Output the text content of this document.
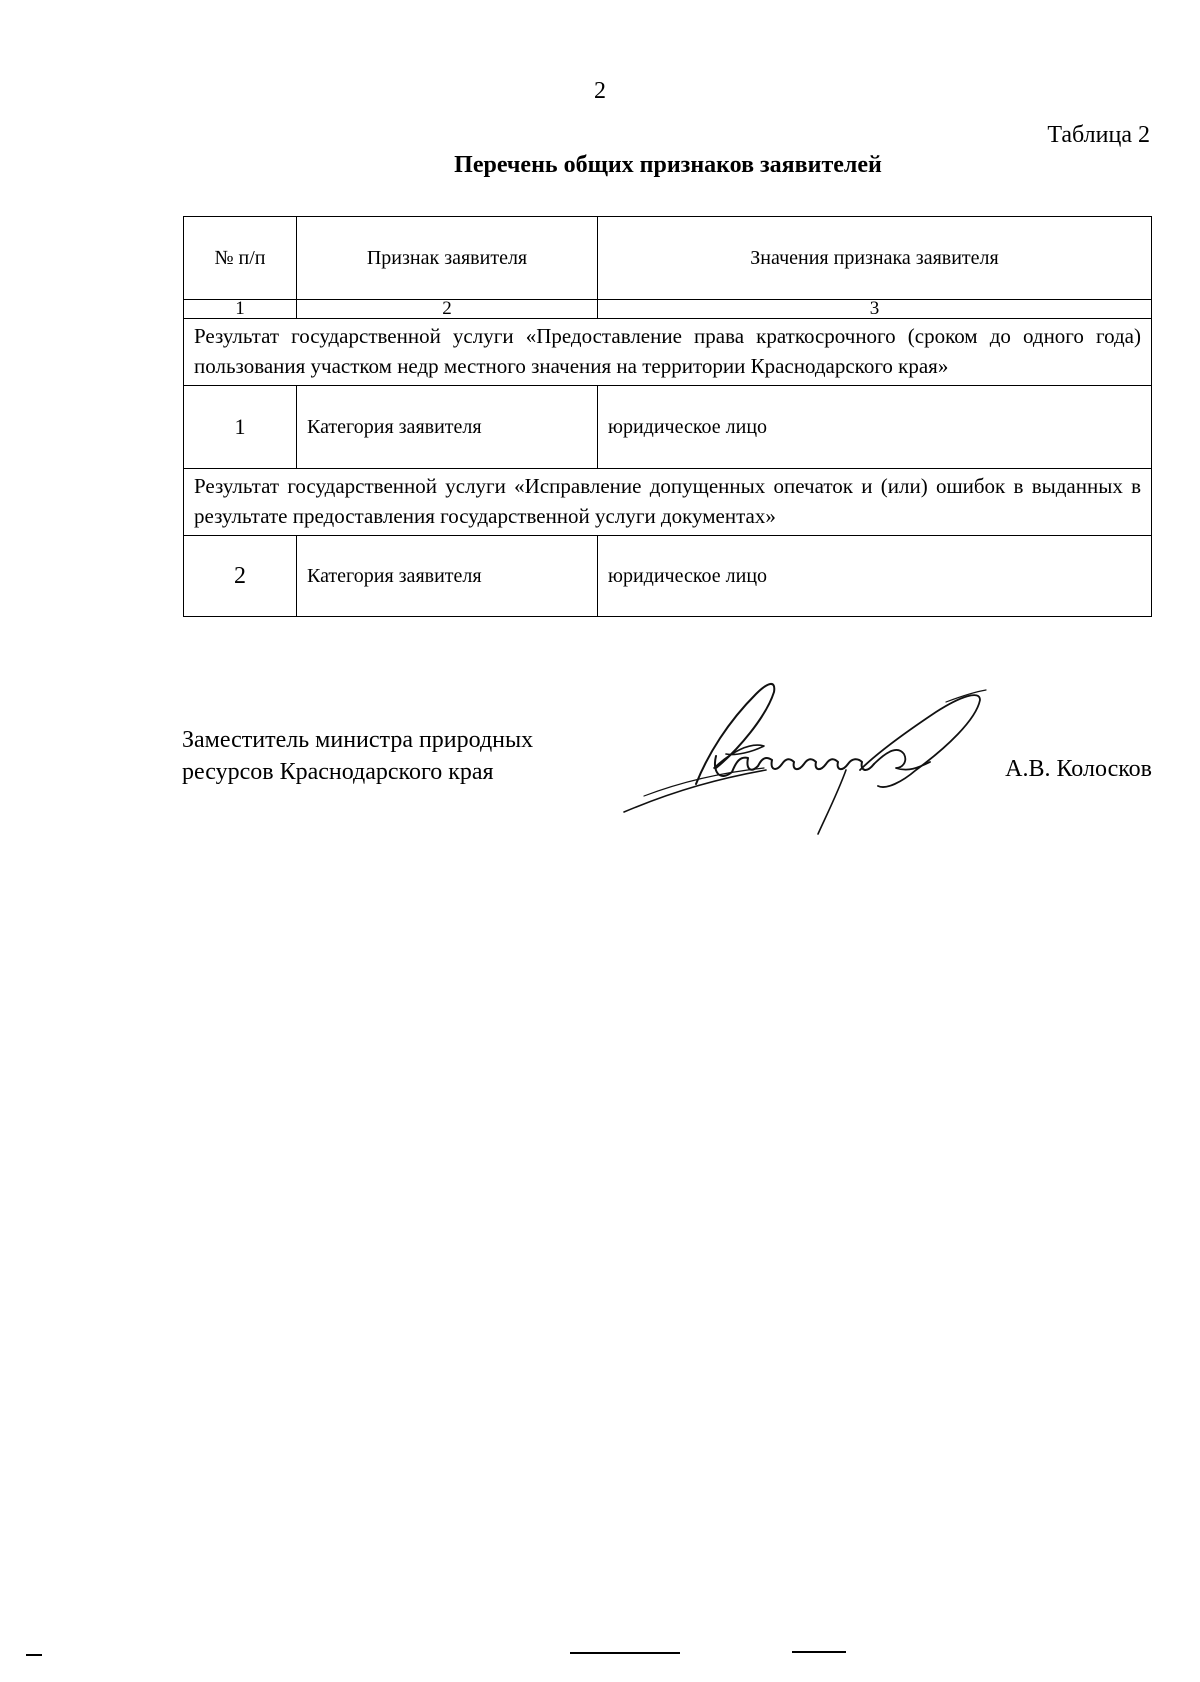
2
Таблица 2
Перечень общих признаков заявителей
№ п/п	Признак заявителя	Значения признака заявителя
1	2	3
Результат государственной услуги «Предоставление права краткосрочного (сроком до одного года) пользования участком недр местного значения на территории Краснодарского края»		
1	Категория заявителя	юридическое лицо
Результат государственной услуги «Исправление допущенных опечаток и (или) ошибок в выданных в результате предоставления государственной услуги документах»		
2	Категория заявителя	юридическое лицо
Заместитель министра природных
ресурсов Краснодарского края	А.В. Колосков
